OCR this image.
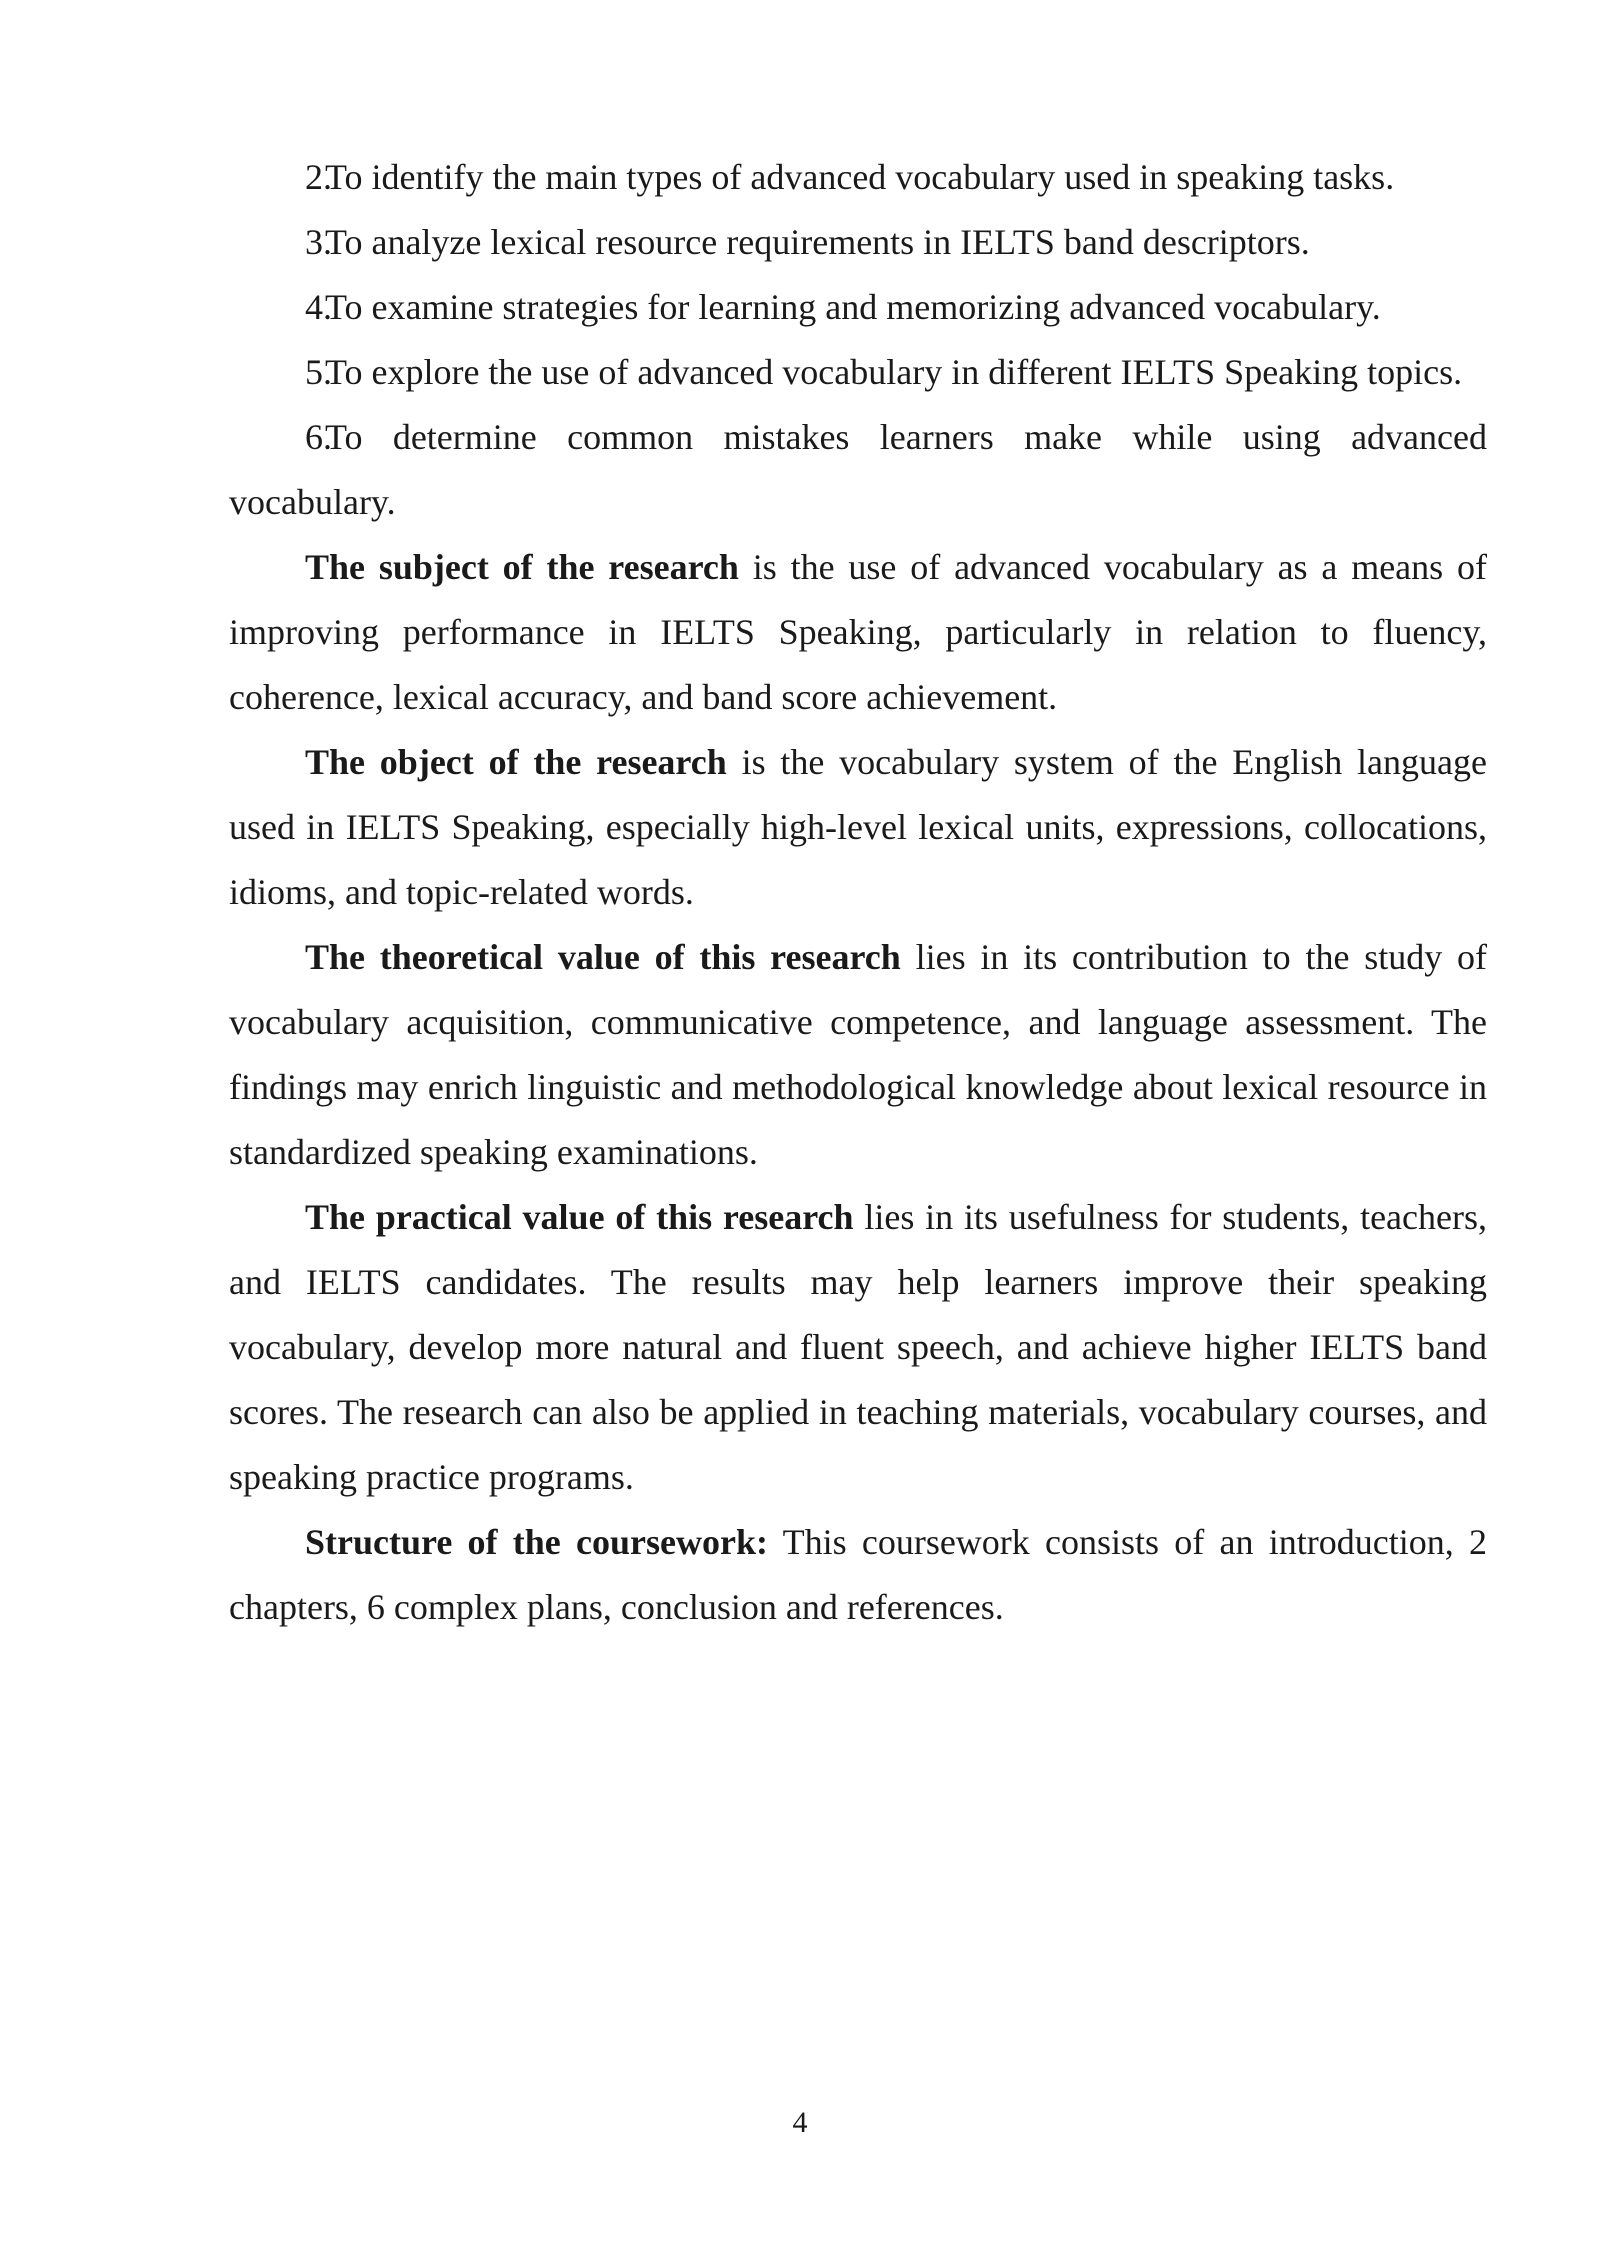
2.To identify the main types of advanced vocabulary used in speaking tasks.

3.To analyze lexical resource requirements in IELTS band descriptors.

4.To examine strategies for learning and memorizing advanced vocabulary.

5.To explore the use of advanced vocabulary in different IELTS Speaking topics.

6.To determine common mistakes learners make while using advanced vocabulary.

The subject of the research is the use of advanced vocabulary as a means of improving performance in IELTS Speaking, particularly in relation to fluency, coherence, lexical accuracy, and band score achievement.

The object of the research is the vocabulary system of the English language used in IELTS Speaking, especially high-level lexical units, expressions, collocations, idioms, and topic-related words.

The theoretical value of this research lies in its contribution to the study of vocabulary acquisition, communicative competence, and language assessment. The findings may enrich linguistic and methodological knowledge about lexical resource in standardized speaking examinations.

The practical value of this research lies in its usefulness for students, teachers, and IELTS candidates. The results may help learners improve their speaking vocabulary, develop more natural and fluent speech, and achieve higher IELTS band scores. The research can also be applied in teaching materials, vocabulary courses, and speaking practice programs.

Structure of the coursework: This coursework consists of an introduction, 2 chapters, 6 complex plans, conclusion and references.

4
